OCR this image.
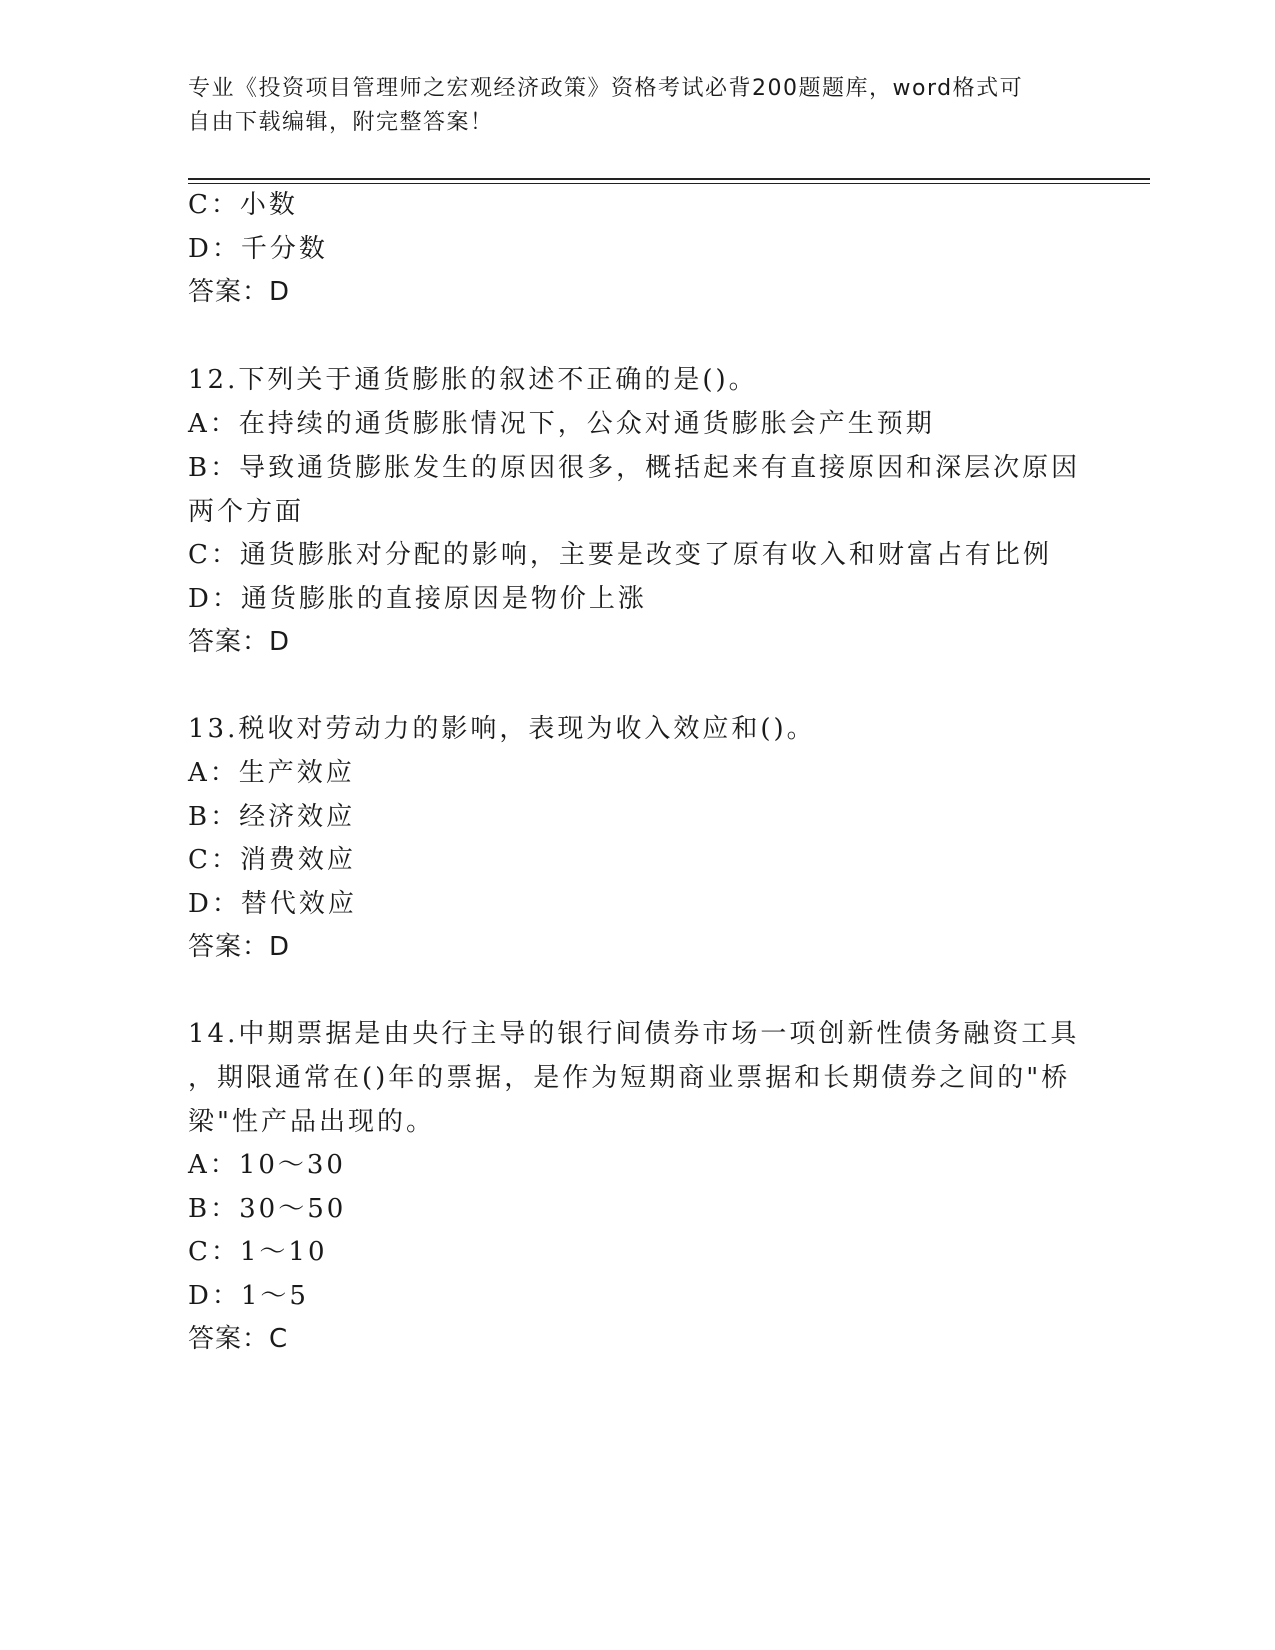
专业《投资项目管理师之宏观经济政策》资格考试必背200题题库，word格式可
自由下载编辑，附完整答案！
C：小数
D：千分数
答案：D
12.下列关于通货膨胀的叙述不正确的是()。
A：在持续的通货膨胀情况下，公众对通货膨胀会产生预期
B：导致通货膨胀发生的原因很多，概括起来有直接原因和深层次原因
两个方面
C：通货膨胀对分配的影响，主要是改变了原有收入和财富占有比例
D：通货膨胀的直接原因是物价上涨
答案：D
13.税收对劳动力的影响，表现为收入效应和()。
A：生产效应
B：经济效应
C：消费效应
D：替代效应
答案：D
14.中期票据是由央行主导的银行间债券市场一项创新性债务融资工具
，期限通常在()年的票据，是作为短期商业票据和长期债券之间的"桥
梁"性产品出现的。
A：10～30
B：30～50
C：1～10
D：1～5
答案：C
